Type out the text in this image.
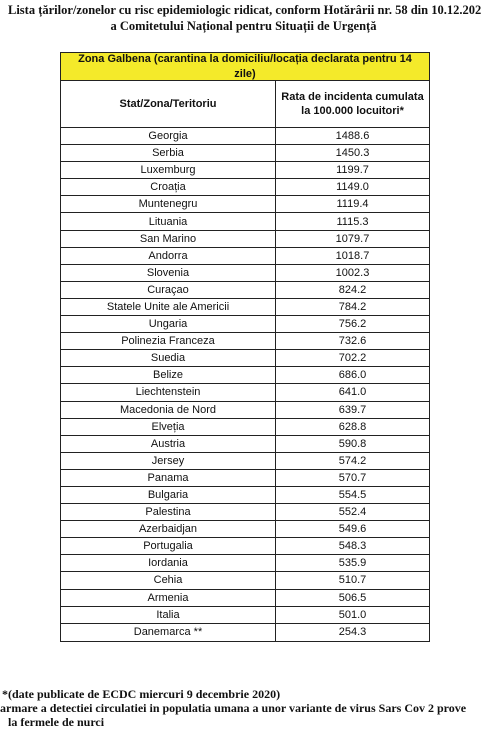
Lista țărilor/zonelor cu risc epidemiologic ridicat, conform Hotărârii nr. 58 din 10.12.202
a Comitetului Național pentru Situații de Urgență
Zona Galbena (carantina la domiciliu/locația declarata pentru 14 zile)
Stat/Zona/Teritoriu
Rata de incidenta cumulata la 100.000 locuitori*
Georgia	1488.6
Serbia	1450.3
Luxemburg	1199.7
Croația	1149.0
Muntenegru	1119.4
Lituania	1115.3
San Marino	1079.7
Andorra	1018.7
Slovenia	1002.3
Curaçao	824.2
Statele Unite ale Americii	784.2
Ungaria	756.2
Polinezia Franceza	732.6
Suedia	702.2
Belize	686.0
Liechtenstein	641.0
Macedonia de Nord	639.7
Elveția	628.8
Austria	590.8
Jersey	574.2
Panama	570.7
Bulgaria	554.5
Palestina	552.4
Azerbaidjan	549.6
Portugalia	548.3
Iordania	535.9
Cehia	510.7
Armenia	506.5
Italia	501.0
Danemarca **	254.3
*(date publicate de ECDC miercuri 9 decembrie 2020)
armare a detectiei circulatiei in populatia umana a unor variante de virus Sars Cov 2 prove
la fermele de nurci
